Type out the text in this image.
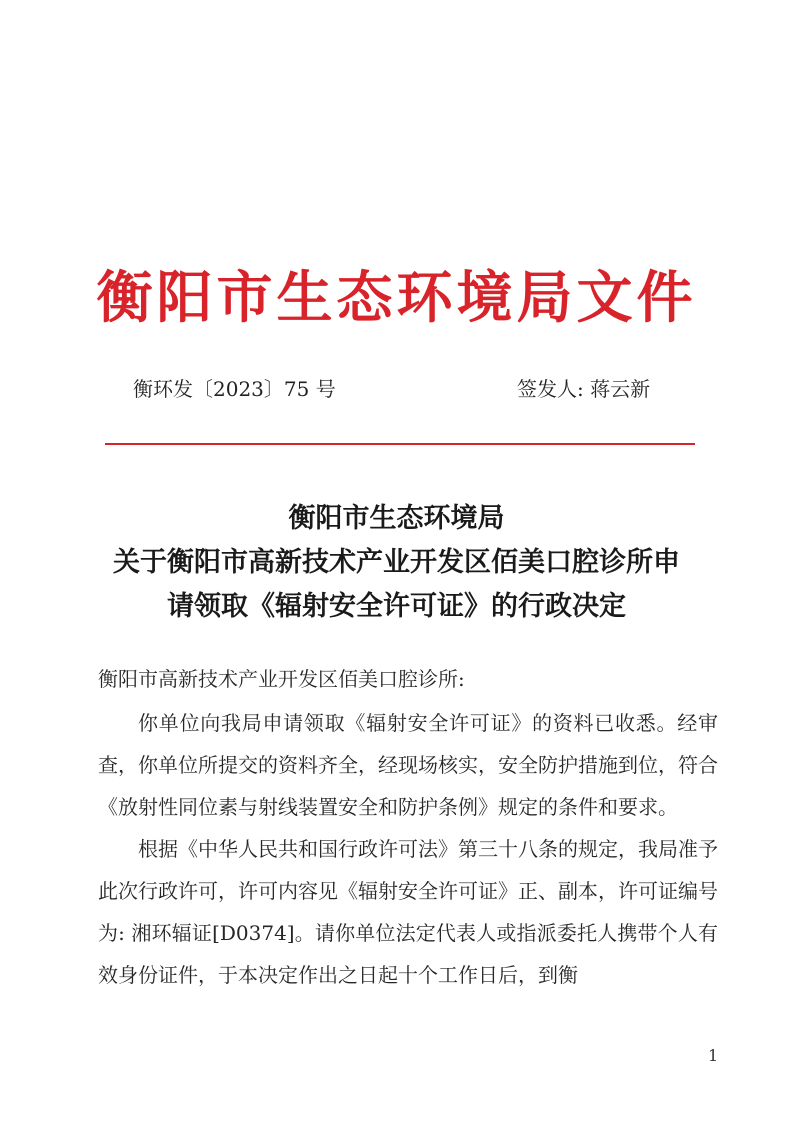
衡阳市生态环境局文件
衡环发〔2023〕75 号	签发人: 蒋云新
衡阳市生态环境局
关于衡阳市高新技术产业开发区佰美口腔诊所申
请领取《辐射安全许可证》的行政决定

衡阳市高新技术产业开发区佰美口腔诊所:

你单位向我局申请领取《辐射安全许可证》的资料已收悉。经审查，你单位所提交的资料齐全，经现场核实，安全防护措施到位，符合《放射性同位素与射线装置安全和防护条例》规定的条件和要求。

根据《中华人民共和国行政许可法》第三十八条的规定，我局准予此次行政许可，许可内容见《辐射安全许可证》正、副本，许可证编号为: 湘环辐证[D0374]。请你单位法定代表人或指派委托人携带个人有效身份证件，于本决定作出之日起十个工作日后，到衡

1
